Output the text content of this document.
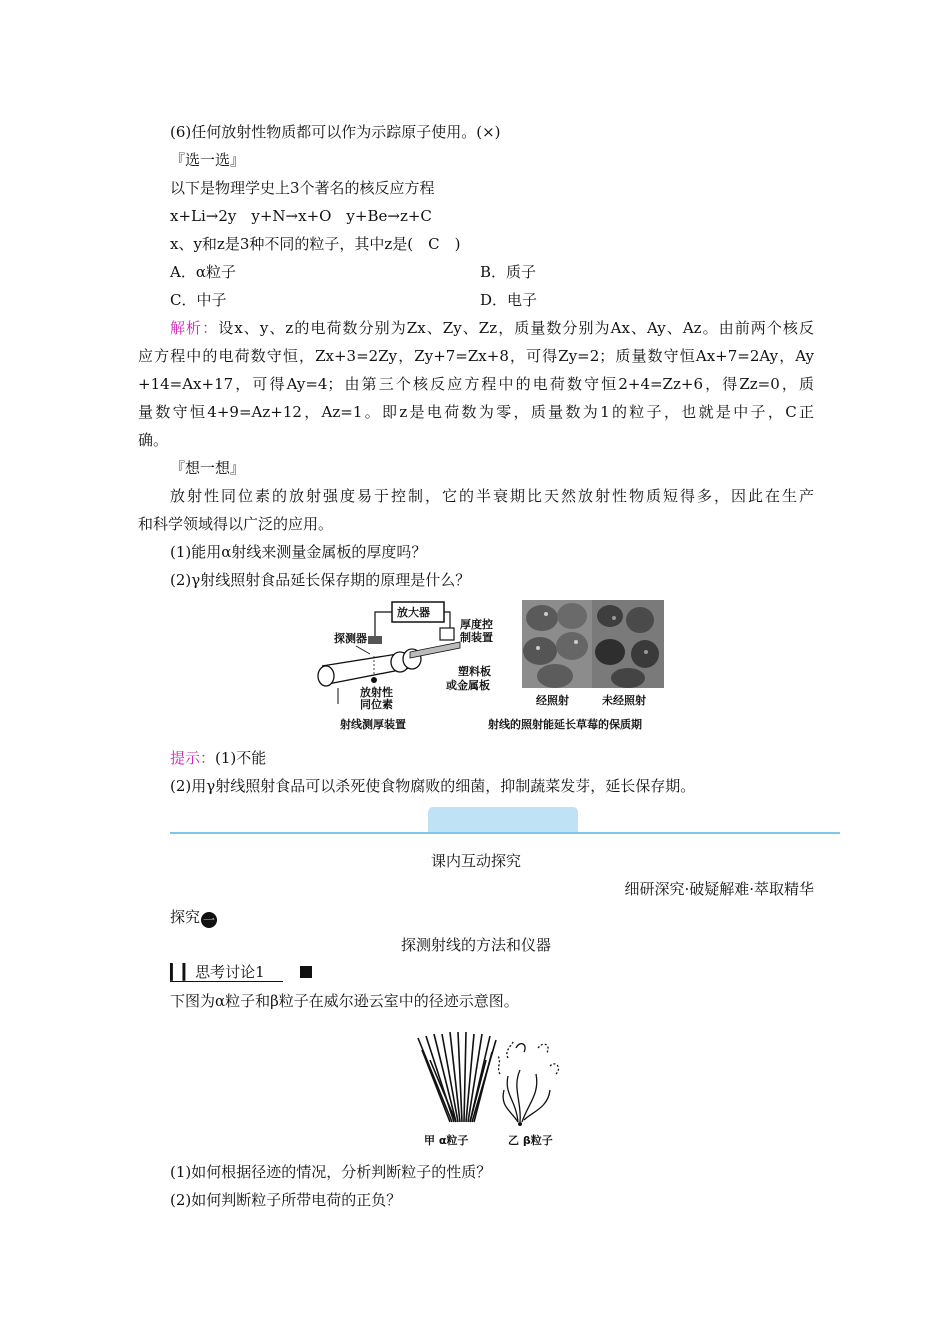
(6)任何放射性物质都可以作为示踪原子使用。(×)
『选一选』
以下是物理学史上3个著名的核反应方程
x+Li→2y　y+N→x+O　y+Be→z+C
x、y和z是3种不同的粒子，其中z是(　C　)
A．α粒子	B．质子
C．中子	D．电子
解析：设x、y、z的电荷数分别为Zx、Zy、Zz，质量数分别为Ax、Ay、Az。由前两个核反
应方程中的电荷数守恒，Zx+3=2Zy，Zy+7=Zx+8，可得Zy=2；质量数守恒Ax+7=2Ay，Ay
+14=Ax+17，可得Ay=4；由第三个核反应方程中的电荷数守恒2+4=Zz+6，得Zz=0，质
量数守恒4+9=Az+12，Az=1。即z是电荷数为零，质量数为1的粒子，也就是中子，C正
确。
『想一想』
放射性同位素的放射强度易于控制，它的半衰期比天然放射性物质短得多，因此在生产
和科学领域得以广泛的应用。
(1)能用α射线来测量金属板的厚度吗？
(2)γ射线照射食品延长保存期的原理是什么？
放大器
厚度控
制装置
探测器
放射性
同位素
塑料板
或金属板
射线测厚装置
经照射	未经照射
射线的照射能延长草莓的保质期
提示：(1)不能
(2)用γ射线照射食品可以杀死使食物腐败的细菌，抑制蔬菜发芽，延长保存期。
课内互动探究
细研深究·破疑解难·萃取精华
探究 一
探测射线的方法和仪器
▎▎思考讨论1
下图为α粒子和β粒子在威尔逊云室中的径迹示意图。
甲 α粒子	乙 β粒子
(1)如何根据径迹的情况，分析判断粒子的性质？
(2)如何判断粒子所带电荷的正负？
